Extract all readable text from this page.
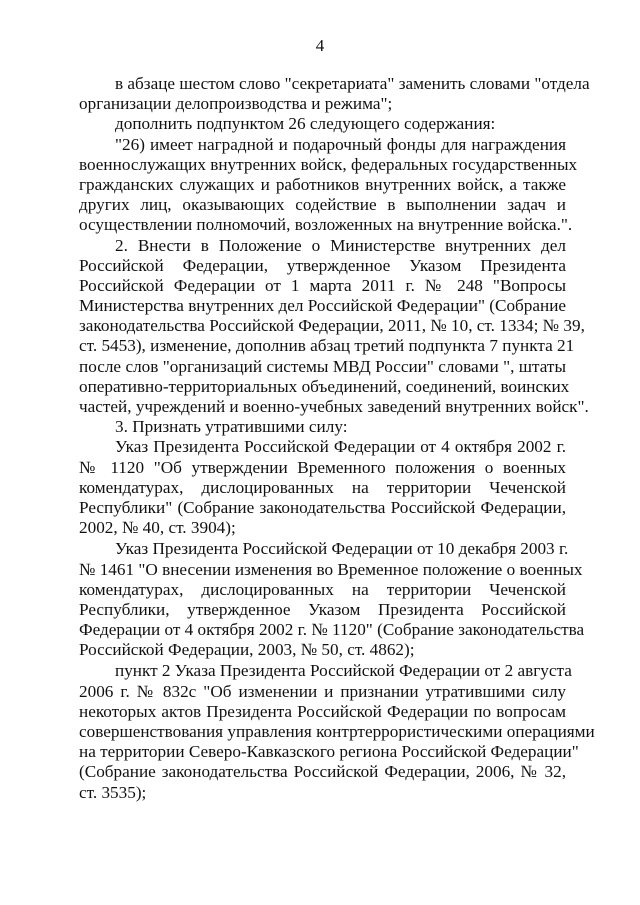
4
в абзаце шестом слово "секретариата" заменить словами "отдела
организации делопроизводства и режима";
дополнить подпунктом 26 следующего содержания:
"26) имеет наградной и подарочный фонды для награждения
военнослужащих внутренних войск, федеральных государственных
гражданских служащих и работников внутренних войск, а также
других лиц, оказывающих содействие в выполнении задач и
осуществлении полномочий, возложенных на внутренние войска.".
2. Внести в Положение о Министерстве внутренних дел
Российской Федерации, утвержденное Указом Президента
Российской Федерации от 1 марта 2011 г. № 248 "Вопросы
Министерства внутренних дел Российской Федерации" (Собрание
законодательства Российской Федерации, 2011, № 10, ст. 1334; № 39,
ст. 5453), изменение, дополнив абзац третий подпункта 7 пункта 21
после слов "организаций системы МВД России" словами ", штаты
оперативно-территориальных объединений, соединений, воинских
частей, учреждений и военно-учебных заведений внутренних войск".
3. Признать утратившими силу:
Указ Президента Российской Федерации от 4 октября 2002 г.
№ 1120 "Об утверждении Временного положения о военных
комендатурах, дислоцированных на территории Чеченской
Республики" (Собрание законодательства Российской Федерации,
2002, № 40, ст. 3904);
Указ Президента Российской Федерации от 10 декабря 2003 г.
№ 1461 "О внесении изменения во Временное положение о военных
комендатурах, дислоцированных на территории Чеченской
Республики, утвержденное Указом Президента Российской
Федерации от 4 октября 2002 г. № 1120" (Собрание законодательства
Российской Федерации, 2003, № 50, ст. 4862);
пункт 2 Указа Президента Российской Федерации от 2 августа
2006 г. № 832с "Об изменении и признании утратившими силу
некоторых актов Президента Российской Федерации по вопросам
совершенствования управления контртеррористическими операциями
на территории Северо-Кавказского региона Российской Федерации"
(Собрание законодательства Российской Федерации, 2006, № 32,
ст. 3535);
